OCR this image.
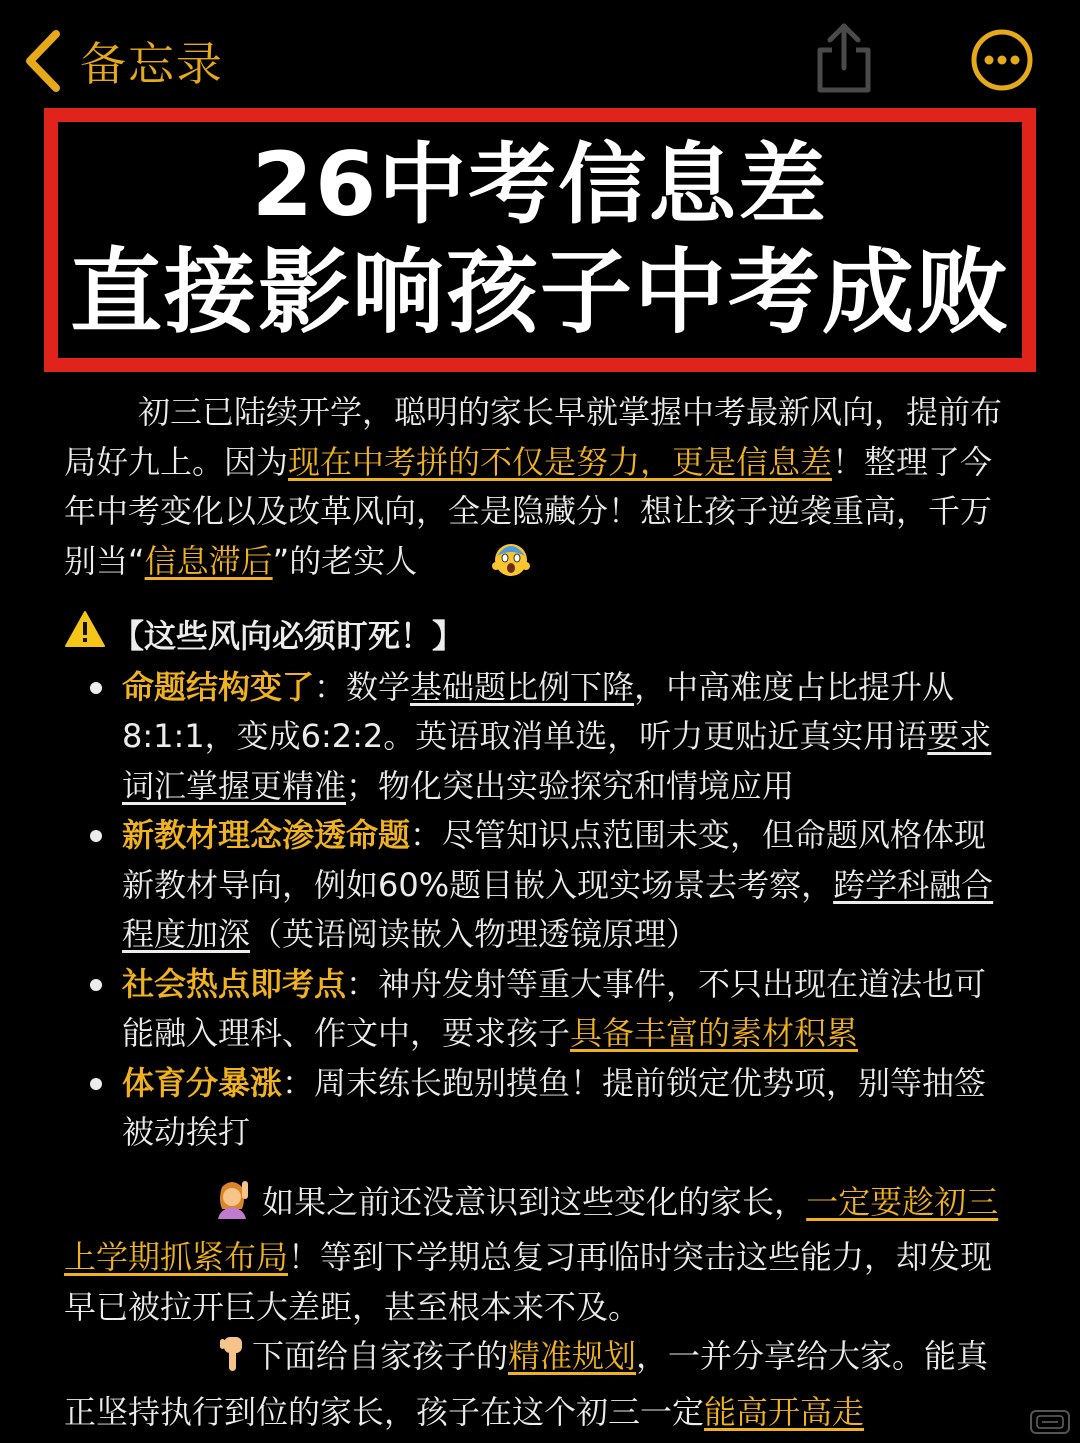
备忘录
26中考信息差
直接影响孩子中考成败

初三已陆续开学，聪明的家长早就掌握中考最新风向，提前布局好九上。因为现在中考拼的不仅是努力，更是信息差！整理了今年中考变化以及改革风向，全是隐藏分！想让孩子逆袭重高，千万别当“信息滞后”的老实人

【这些风向必须盯死！】
命题结构变了：数学基础题比例下降，中高难度占比提升从8:1:1，变成6:2:2。英语取消单选，听力更贴近真实用语要求词汇掌握更精准；物化突出实验探究和情境应用
新教材理念渗透命题：尽管知识点范围未变，但命题风格体现新教材导向，例如60%题目嵌入现实场景去考察，跨学科融合程度加深（英语阅读嵌入物理透镜原理）
社会热点即考点：神舟发射等重大事件，不只出现在道法也可能融入理科、作文中，要求孩子具备丰富的素材积累
体育分暴涨：周末练长跑别摸鱼！提前锁定优势项，别等抽签被动挨打

如果之前还没意识到这些变化的家长，一定要趁初三上学期抓紧布局！等到下学期总复习再临时突击这些能力，却发现早已被拉开巨大差距，甚至根本来不及。

下面给自家孩子的精准规划，一并分享给大家。能真正坚持执行到位的家长，孩子在这个初三一定能高开高走
